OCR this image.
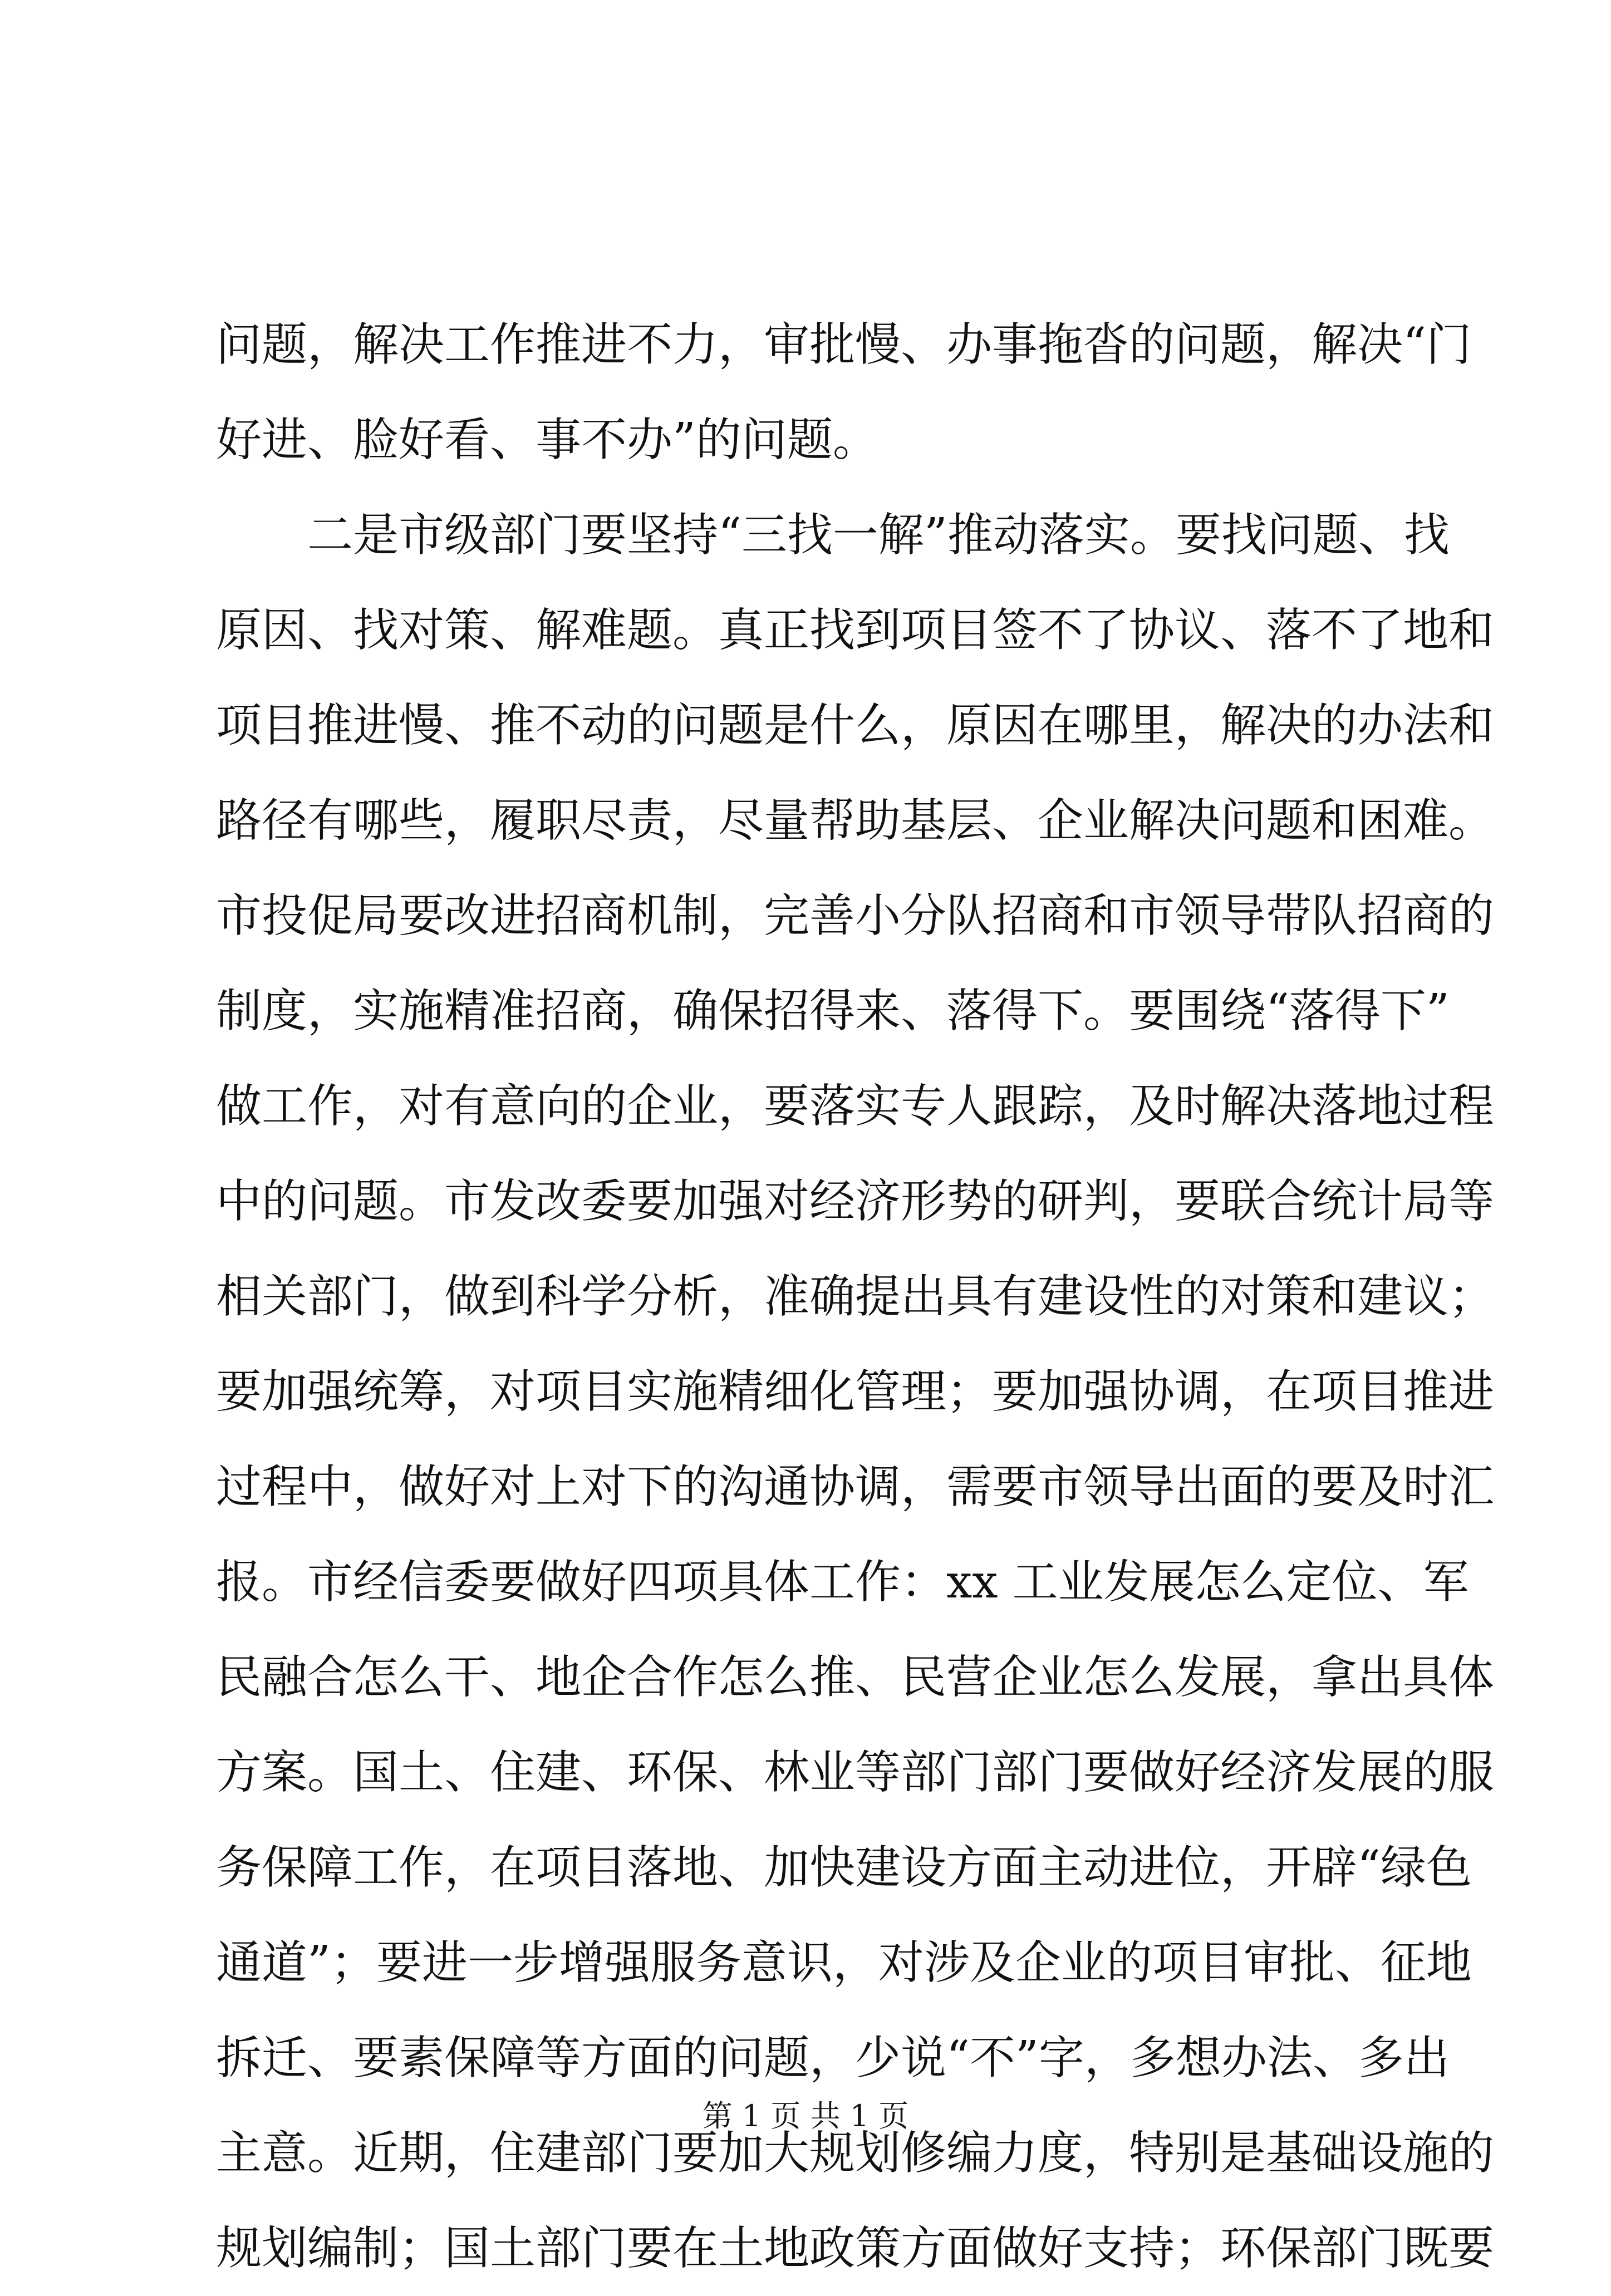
问题，解决工作推进不力，审批慢、办事拖沓的问题，解决“门
好进、脸好看、事不办”的问题。
　　二是市级部门要坚持“三找一解”推动落实。要找问题、找
原因、找对策、解难题。真正找到项目签不了协议、落不了地和
项目推进慢、推不动的问题是什么，原因在哪里，解决的办法和
路径有哪些，履职尽责，尽量帮助基层、企业解决问题和困难。
市投促局要改进招商机制，完善小分队招商和市领导带队招商的
制度，实施精准招商，确保招得来、落得下。要围绕“落得下”
做工作，对有意向的企业，要落实专人跟踪，及时解决落地过程
中的问题。市发改委要加强对经济形势的研判，要联合统计局等
相关部门，做到科学分析，准确提出具有建设性的对策和建议；
要加强统筹，对项目实施精细化管理；要加强协调，在项目推进
过程中，做好对上对下的沟通协调，需要市领导出面的要及时汇
报。市经信委要做好四项具体工作：xx 工业发展怎么定位、军
民融合怎么干、地企合作怎么推、民营企业怎么发展，拿出具体
方案。国土、住建、环保、林业等部门部门要做好经济发展的服
务保障工作，在项目落地、加快建设方面主动进位，开辟“绿色
通道”；要进一步增强服务意识，对涉及企业的项目审批、征地
拆迁、要素保障等方面的问题，少说“不”字，多想办法、多出
主意。近期，住建部门要加大规划修编力度，特别是基础设施的
规划编制；国土部门要在土地政策方面做好支持；环保部门既要
第 1 页 共 1 页
